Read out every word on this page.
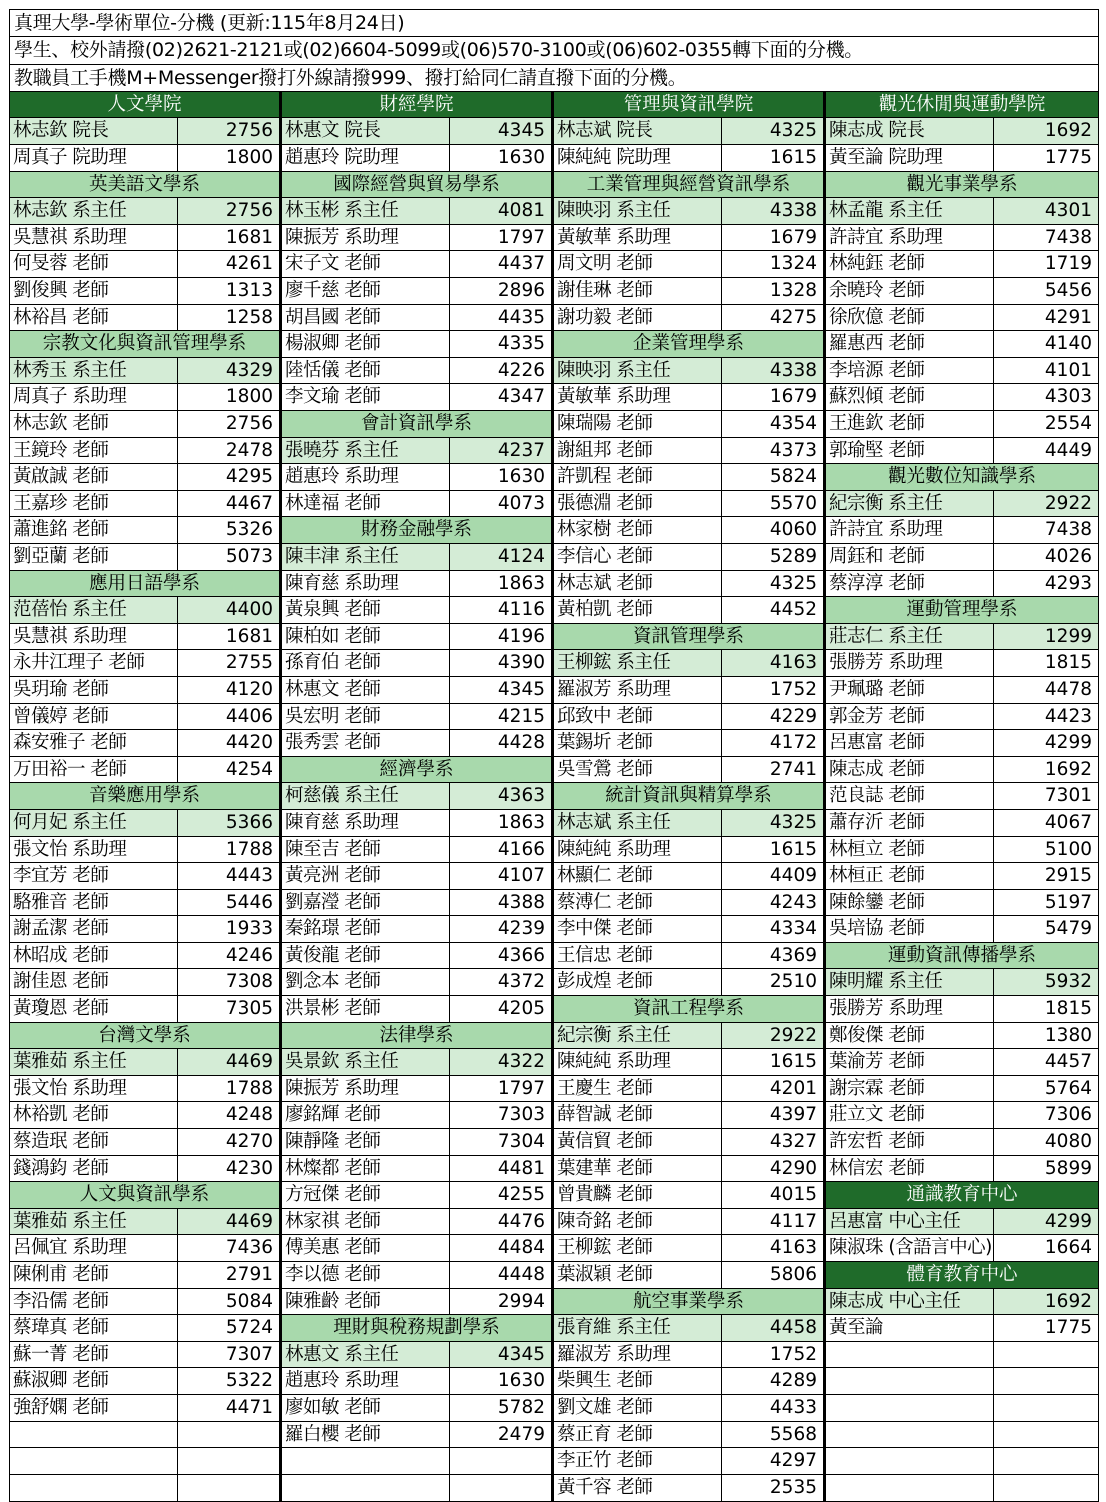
真理大學-學術單位-分機 (更新:115年8月24日)
學生、校外請撥(02)2621-2121或(02)6604-5099或(06)570-3100或(06)602-0355轉下面的分機。
教職員工手機M+Messenger撥打外線請撥999、撥打給同仁請直撥下面的分機。
人文學院
林志欽 院長	2756
周真子 院助理	1800
英美語文學系
林志欽 系主任	2756
吳慧祺 系助理	1681
何旻蓉 老師	4261
劉俊興 老師	1313
林裕昌 老師	1258
宗教文化與資訊管理學系
林秀玉 系主任	4329
周真子 系助理	1800
林志欽 老師	2756
王鏡玲 老師	2478
黃啟誠 老師	4295
王嘉珍 老師	4467
蕭進銘 老師	5326
劉亞蘭 老師	5073
應用日語學系
范蓓怡 系主任	4400
吳慧祺 系助理	1681
永井江理子 老師	2755
吳玥瑜 老師	4120
曾儀婷 老師	4406
森安雅子 老師	4420
万田裕一 老師	4254
音樂應用學系
何月妃 系主任	5366
張文怡 系助理	1788
李宜芳 老師	4443
駱雅音 老師	5446
謝孟潔 老師	1933
林昭成 老師	4246
謝佳恩 老師	7308
黃瓊恩 老師	7305
台灣文學系
葉雅茹 系主任	4469
張文怡 系助理	1788
林裕凱 老師	4248
蔡造珉 老師	4270
錢鴻鈞 老師	4230
人文與資訊學系
葉雅茹 系主任	4469
呂佩宜 系助理	7436
陳俐甫 老師	2791
李沿儒 老師	5084
蔡瑋真 老師	5724
蘇一菁 老師	7307
蘇淑卿 老師	5322
強舒嫻 老師	4471
財經學院
林惠文 院長	4345
趙惠玲 院助理	1630
國際經營與貿易學系
林玉彬 系主任	4081
陳振芳 系助理	1797
宋子文 老師	4437
廖千慈 老師	2896
胡昌國 老師	4435
楊淑卿 老師	4335
陸恬儀 老師	4226
李文瑜 老師	4347
會計資訊學系
張曉芬 系主任	4237
趙惠玲 系助理	1630
林達福 老師	4073
財務金融學系
陳丰津 系主任	4124
陳育慈 系助理	1863
黃泉興 老師	4116
陳柏如 老師	4196
孫育伯 老師	4390
林惠文 老師	4345
吳宏明 老師	4215
張秀雲 老師	4428
經濟學系
柯慈儀 系主任	4363
陳育慈 系助理	1863
陳至吉 老師	4166
黃亮洲 老師	4107
劉嘉瀅 老師	4388
秦銘璟 老師	4239
黃俊龍 老師	4366
劉念本 老師	4372
洪景彬 老師	4205
法律學系
吳景欽 系主任	4322
陳振芳 系助理	1797
廖銘輝 老師	7303
陳靜隆 老師	7304
林燦都 老師	4481
方冠傑 老師	4255
林家祺 老師	4476
傅美惠 老師	4484
李以德 老師	4448
陳雅齡 老師	2994
理財與稅務規劃學系
林惠文 系主任	4345
趙惠玲 系助理	1630
廖如敏 老師	5782
羅白櫻 老師	2479
管理與資訊學院
林志斌 院長	4325
陳純純 院助理	1615
工業管理與經營資訊學系
陳映羽 系主任	4338
黃敏華 系助理	1679
周文明 老師	1324
謝佳琳 老師	1328
謝功毅 老師	4275
企業管理學系
陳映羽 系主任	4338
黃敏華 系助理	1679
陳瑞陽 老師	4354
謝組邦 老師	4373
許凱程 老師	5824
張德淵 老師	5570
林家樹 老師	4060
李信心 老師	5289
林志斌 老師	4325
黃柏凱 老師	4452
資訊管理學系
王柳鋐 系主任	4163
羅淑芳 系助理	1752
邱致中 老師	4229
葉錫圻 老師	4172
吳雪鶯 老師	2741
統計資訊與精算學系
林志斌 系主任	4325
陳純純 系助理	1615
林顯仁 老師	4409
蔡溥仁 老師	4243
李中傑 老師	4334
王信忠 老師	4369
彭成煌 老師	2510
資訊工程學系
紀宗衡 系主任	2922
陳純純 系助理	1615
王慶生 老師	4201
薛智誠 老師	4397
黃信貿 老師	4327
葉建華 老師	4290
曾貴麟 老師	4015
陳奇銘 老師	4117
王柳鋐 老師	4163
葉淑穎 老師	5806
航空事業學系
張育維 系主任	4458
羅淑芳 系助理	1752
柴興生 老師	4289
劉文雄 老師	4433
蔡正育 老師	5568
李正竹 老師	4297
黃千容 老師	2535
觀光休閒與運動學院
陳志成 院長	1692
黃至論 院助理	1775
觀光事業學系
林孟龍 系主任	4301
許詩宜 系助理	7438
林純鈺 老師	1719
余曉玲 老師	5456
徐欣億 老師	4291
羅惠西 老師	4140
李培源 老師	4101
蘇烈傾 老師	4303
王進欽 老師	2554
郭瑜堅 老師	4449
觀光數位知識學系
紀宗衡 系主任	2922
許詩宜 系助理	7438
周鈺和 老師	4026
蔡淳淳 老師	4293
運動管理學系
莊志仁 系主任	1299
張勝芳 系助理	1815
尹珮璐 老師	4478
郭金芳 老師	4423
呂惠富 老師	4299
陳志成 老師	1692
范良誌 老師	7301
蕭存沂 老師	4067
林桓立 老師	5100
林桓正 老師	2915
陳餘鑾 老師	5197
吳培協 老師	5479
運動資訊傳播學系
陳明耀 系主任	5932
張勝芳 系助理	1815
鄭俊傑 老師	1380
葉渝芳 老師	4457
謝宗霖 老師	5764
莊立文 老師	7306
許宏哲 老師	4080
林信宏 老師	5899
通識教育中心
呂惠富 中心主任	4299
陳淑珠 (含語言中心)	1664
體育教育中心
陳志成 中心主任	1692
黃至論	1775
